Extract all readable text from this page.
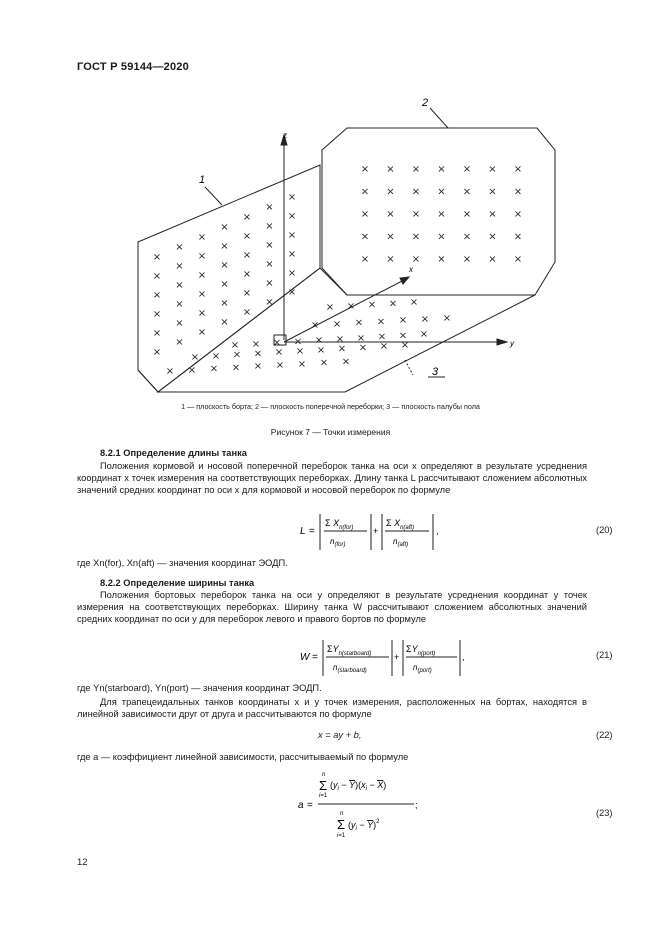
ГОСТ Р 59144—2020
× × × × × × ×
× × × × × × ×
× × × × × × ×
× × × × × × ×
× × × × × × ×
×
×
×
×
×
×
×
×
×
×
×
×
×
×
×
×
×
×
×
×
×
×
×
×
×
×
×
×
×
×
×
×
×
×
×
×
×
×
×
×
×
×
× × × × ×
× × × × × × ×
× × × × × × × × × ×
× × × × × × × × × × ×
× × × × × × × × ×
1
2
3
z
x
y
1 — плоскость борта; 2 — плоскость поперечной переборки; 3 — плоскость палубы пола
Рисунок 7 — Точки измерения
8.2.1 Определение длины танка
Положения кормовой и носовой поперечной переборок танка на оси x определяют в результате усреднения координат x точек измерения на соответствующих переборках. Длину танка L рассчитывают сложением абсолютных значений средних координат по оси x для кормовой и носовой переборок по формуле
L =
Σ $X_{n(for)}$
$n_{(for)}$
+
Σ $X_{n(aft)}$
$n_{(aft)}$
,	(20)
где Xn(for), Xn(aft) — значения координат ЭОДП.
8.2.2 Определение ширины танка
Положения бортовых переборок танка на оси y определяют в результате усреднения координат y точек измерения на соответствующих переборках. Ширину танка W рассчитывают сложением абсолютных значений средних координат по оси y для переборок левого и правого бортов по формуле
W =
$\Sigma Y_{n(starboard)}$
$n_{(starboard)}$
+
$\Sigma Y_{n(port)}$
$n_{(port)}$
,	(21)
где Yn(starboard), Yn(port) — значения координат ЭОДП.
Для трапецеидальных танков координаты x и y точек измерения, расположенных на бортах, находятся в линейной зависимости друг от друга и рассчитываются по формуле
x = ay + b,	(22)
где a — коэффициент линейной зависимости, рассчитываемый по формуле
a =
n
Σ
i=1
$(y_i - Y)(x_i - X)$
n
Σ
i=1
$(y_i - Y)^2$
;
(23)
12
